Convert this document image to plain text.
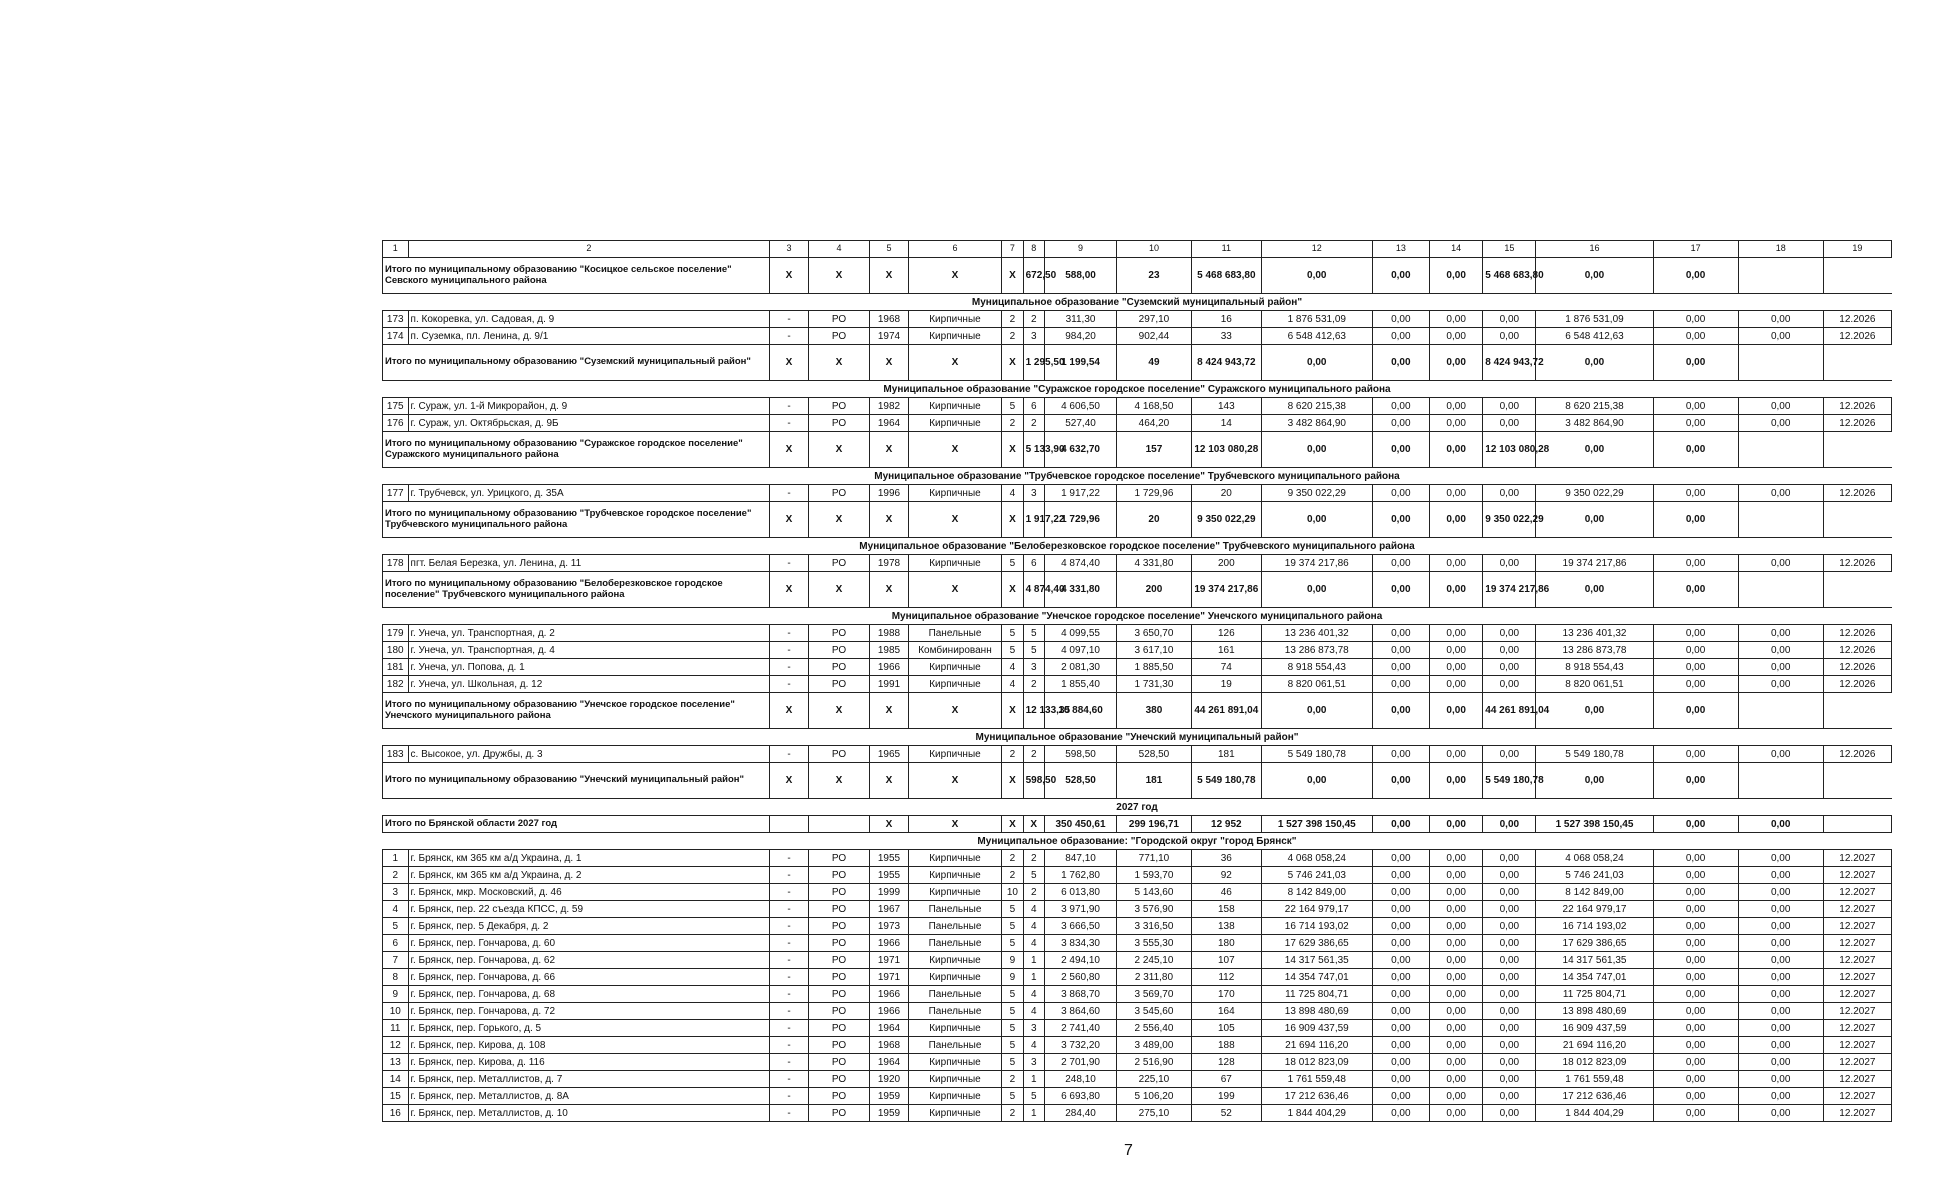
1	2	3	4	5	6	7	8	9	10	11	12	13	14	15	16	17	18	19
Итого по муниципальному образованию "Косицкое сельское поселение" Севского муниципального района		X	X	X	X	X	672,50	588,00	23	5 468 683,80	0,00	0,00	0,00	5 468 683,80	0,00	0,00		
Муниципальное образование "Суземский муниципальный район"																		
173	п. Кокоревка, ул. Садовая, д. 9	-	РО	1968	Кирпичные	2	2	311,30	297,10	16	1 876 531,09	0,00	0,00	0,00	1 876 531,09	0,00	0,00	12.2026
174	п. Суземка, пл. Ленина, д. 9/1	-	РО	1974	Кирпичные	2	3	984,20	902,44	33	6 548 412,63	0,00	0,00	0,00	6 548 412,63	0,00	0,00	12.2026
Итого по муниципальному образованию "Суземский муниципальный район"		X	X	X	X	X	1 295,50	1 199,54	49	8 424 943,72	0,00	0,00	0,00	8 424 943,72	0,00	0,00		
Муниципальное образование "Суражское городское поселение" Суражского муниципального района																		
175	г. Сураж, ул. 1-й Микрорайон, д. 9	-	РО	1982	Кирпичные	5	6	4 606,50	4 168,50	143	8 620 215,38	0,00	0,00	0,00	8 620 215,38	0,00	0,00	12.2026
176	г. Сураж, ул. Октябрьская, д. 9Б	-	РО	1964	Кирпичные	2	2	527,40	464,20	14	3 482 864,90	0,00	0,00	0,00	3 482 864,90	0,00	0,00	12.2026
Итого по муниципальному образованию "Суражское городское поселение" Суражского муниципального района		X	X	X	X	X	5 133,90	4 632,70	157	12 103 080,28	0,00	0,00	0,00	12 103 080,28	0,00	0,00		
Муниципальное образование "Трубчевское городское поселение" Трубчевского муниципального района																		
177	г. Трубчевск, ул. Урицкого, д. 35А	-	РО	1996	Кирпичные	4	3	1 917,22	1 729,96	20	9 350 022,29	0,00	0,00	0,00	9 350 022,29	0,00	0,00	12.2026
Итого по муниципальному образованию "Трубчевское городское поселение" Трубчевского муниципального района		X	X	X	X	X	1 917,22	1 729,96	20	9 350 022,29	0,00	0,00	0,00	9 350 022,29	0,00	0,00		
Муниципальное образование "Белоберезковское городское поселение" Трубчевского муниципального района																		
178	пгт. Белая Березка, ул. Ленина, д. 11	-	РО	1978	Кирпичные	5	6	4 874,40	4 331,80	200	19 374 217,86	0,00	0,00	0,00	19 374 217,86	0,00	0,00	12.2026
Итого по муниципальному образованию "Белоберезковское городское поселение" Трубчевского муниципального района		X	X	X	X	X	4 874,40	4 331,80	200	19 374 217,86	0,00	0,00	0,00	19 374 217,86	0,00	0,00		
Муниципальное образование "Унечское городское поселение" Унечского муниципального района																		
179	г. Унеча, ул. Транспортная, д. 2	-	РО	1988	Панельные	5	5	4 099,55	3 650,70	126	13 236 401,32	0,00	0,00	0,00	13 236 401,32	0,00	0,00	12.2026
180	г. Унеча, ул. Транспортная, д. 4	-	РО	1985	Комбинированн	5	5	4 097,10	3 617,10	161	13 286 873,78	0,00	0,00	0,00	13 286 873,78	0,00	0,00	12.2026
181	г. Унеча, ул. Попова, д. 1	-	РО	1966	Кирпичные	4	3	2 081,30	1 885,50	74	8 918 554,43	0,00	0,00	0,00	8 918 554,43	0,00	0,00	12.2026
182	г. Унеча, ул. Школьная, д. 12	-	РО	1991	Кирпичные	4	2	1 855,40	1 731,30	19	8 820 061,51	0,00	0,00	0,00	8 820 061,51	0,00	0,00	12.2026
Итого по муниципальному образованию "Унечское городское поселение" Унечского муниципального района		X	X	X	X	X	12 133,35	10 884,60	380	44 261 891,04	0,00	0,00	0,00	44 261 891,04	0,00	0,00		
Муниципальное образование "Унечский муниципальный район"																		
183	с. Высокое, ул. Дружбы, д. 3	-	РО	1965	Кирпичные	2	2	598,50	528,50	181	5 549 180,78	0,00	0,00	0,00	5 549 180,78	0,00	0,00	12.2026
Итого по муниципальному образованию "Унечский муниципальный район"		X	X	X	X	X	598,50	528,50	181	5 549 180,78	0,00	0,00	0,00	5 549 180,78	0,00	0,00		
2027 год																		
Итого по Брянской области 2027 год				X	X	X	X	350 450,61	299 196,71	12 952	1 527 398 150,45	0,00	0,00	0,00	1 527 398 150,45	0,00	0,00	
Муниципальное образование: "Городской округ "город Брянск"																		
1	г. Брянск, км 365 км а/д Украина, д. 1	-	РО	1955	Кирпичные	2	2	847,10	771,10	36	4 068 058,24	0,00	0,00	0,00	4 068 058,24	0,00	0,00	12.2027
2	г. Брянск, км 365 км а/д Украина, д. 2	-	РО	1955	Кирпичные	2	5	1 762,80	1 593,70	92	5 746 241,03	0,00	0,00	0,00	5 746 241,03	0,00	0,00	12.2027
3	г. Брянск, мкр. Московский, д. 46	-	РО	1999	Кирпичные	10	2	6 013,80	5 143,60	46	8 142 849,00	0,00	0,00	0,00	8 142 849,00	0,00	0,00	12.2027
4	г. Брянск, пер. 22 съезда КПСС, д. 59	-	РО	1967	Панельные	5	4	3 971,90	3 576,90	158	22 164 979,17	0,00	0,00	0,00	22 164 979,17	0,00	0,00	12.2027
5	г. Брянск, пер. 5 Декабря, д. 2	-	РО	1973	Панельные	5	4	3 666,50	3 316,50	138	16 714 193,02	0,00	0,00	0,00	16 714 193,02	0,00	0,00	12.2027
6	г. Брянск, пер. Гончарова, д. 60	-	РО	1966	Панельные	5	4	3 834,30	3 555,30	180	17 629 386,65	0,00	0,00	0,00	17 629 386,65	0,00	0,00	12.2027
7	г. Брянск, пер. Гончарова, д. 62	-	РО	1971	Кирпичные	9	1	2 494,10	2 245,10	107	14 317 561,35	0,00	0,00	0,00	14 317 561,35	0,00	0,00	12.2027
8	г. Брянск, пер. Гончарова, д. 66	-	РО	1971	Кирпичные	9	1	2 560,80	2 311,80	112	14 354 747,01	0,00	0,00	0,00	14 354 747,01	0,00	0,00	12.2027
9	г. Брянск, пер. Гончарова, д. 68	-	РО	1966	Панельные	5	4	3 868,70	3 569,70	170	11 725 804,71	0,00	0,00	0,00	11 725 804,71	0,00	0,00	12.2027
10	г. Брянск, пер. Гончарова, д. 72	-	РО	1966	Панельные	5	4	3 864,60	3 545,60	164	13 898 480,69	0,00	0,00	0,00	13 898 480,69	0,00	0,00	12.2027
11	г. Брянск, пер. Горького, д. 5	-	РО	1964	Кирпичные	5	3	2 741,40	2 556,40	105	16 909 437,59	0,00	0,00	0,00	16 909 437,59	0,00	0,00	12.2027
12	г. Брянск, пер. Кирова, д. 108	-	РО	1968	Панельные	5	4	3 732,20	3 489,00	188	21 694 116,20	0,00	0,00	0,00	21 694 116,20	0,00	0,00	12.2027
13	г. Брянск, пер. Кирова, д. 116	-	РО	1964	Кирпичные	5	3	2 701,90	2 516,90	128	18 012 823,09	0,00	0,00	0,00	18 012 823,09	0,00	0,00	12.2027
14	г. Брянск, пер. Металлистов, д. 7	-	РО	1920	Кирпичные	2	1	248,10	225,10	67	1 761 559,48	0,00	0,00	0,00	1 761 559,48	0,00	0,00	12.2027
15	г. Брянск, пер. Металлистов, д. 8А	-	РО	1959	Кирпичные	5	5	6 693,80	5 106,20	199	17 212 636,46	0,00	0,00	0,00	17 212 636,46	0,00	0,00	12.2027
16	г. Брянск, пер. Металлистов, д. 10	-	РО	1959	Кирпичные	2	1	284,40	275,10	52	1 844 404,29	0,00	0,00	0,00	1 844 404,29	0,00	0,00	12.2027
7
